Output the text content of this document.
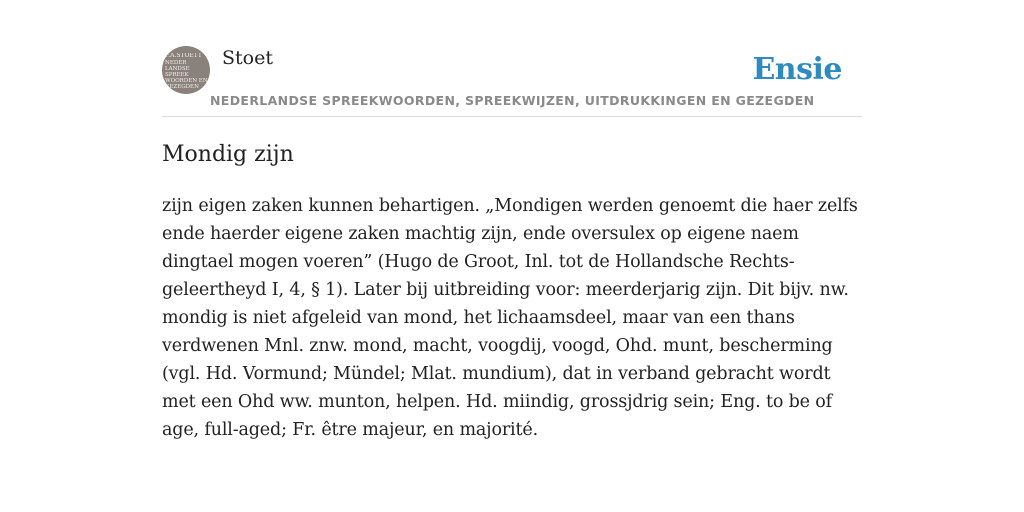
F.A.STOETT
NEDER
LANDSE
SPREEK
WOORDEN EN
GEZEGDEN
Stoet
NEDERLANDSE SPREEKWOORDEN, SPREEKWIJZEN, UITDRUKKINGEN EN GEZEGDEN
Ensie
Mondig zijn

zijn eigen zaken kunnen behartigen. „Mondigen werden genoemt die haer zelfs ende haerder eigene zaken machtig zijn, ende oversulex op eigene naem dingtael mogen voeren” (Hugo de Groot, Inl. tot de Hollandsche Rechts-geleertheyd I, 4, § 1). Later bij uitbreiding voor: meerderjarig zijn. Dit bijv. nw. mondig is niet afgeleid van mond, het lichaamsdeel, maar van een thans verdwenen Mnl. znw. mond, macht, voogdij, voogd, Ohd. munt, bescherming (vgl. Hd. Vormund; Mündel; Mlat. mundium), dat in verband gebracht wordt met een Ohd ww. munton, helpen. Hd. miindig, grossjdrig sein; Eng. to be of age, full-aged; Fr. être majeur, en majorité.
